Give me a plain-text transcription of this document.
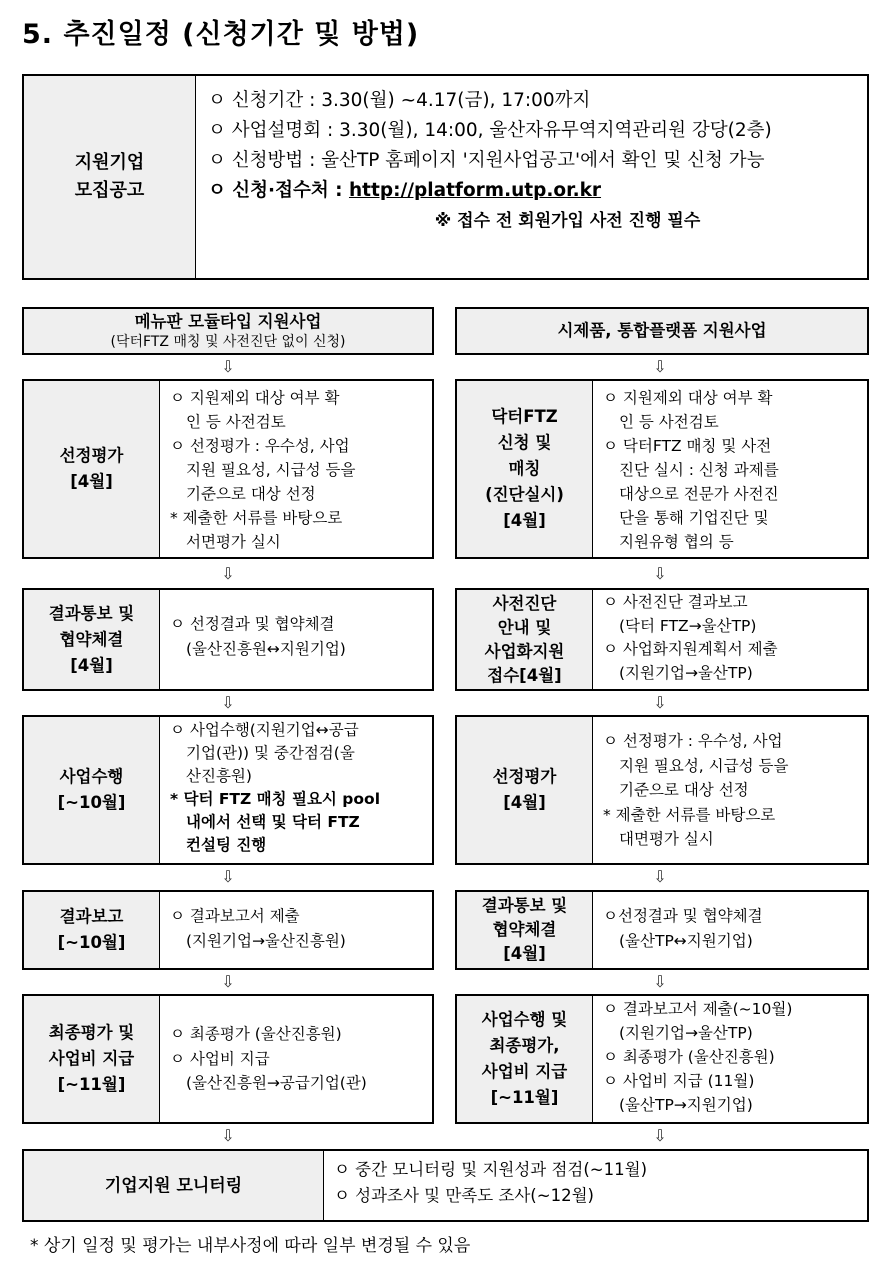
5. 추진일정 (신청기간 및 방법)
지원기업
모집공고
ㅇ 신청기간 : 3.30(월) ~4.17(금), 17:00까지
ㅇ 사업설명회 : 3.30(월), 14:00, 울산자유무역지역관리원 강당(2층)
ㅇ 신청방법 : 울산TP 홈페이지 '지원사업공고'에서 확인 및 신청 가능
ㅇ 신청·접수처 : http://platform.utp.or.kr
※ 접수 전 회원가입 사전 진행 필수
메뉴판 모듈타입 지원사업
(닥터FTZ 매칭 및 사전진단 없이 신청)
시제품, 통합플랫폼 지원사업
선정평가
[4월]
ㅇ 지원제외 대상 여부 확
인 등 사전검토
ㅇ 선정평가 : 우수성, 사업
지원 필요성, 시급성 등을
기준으로 대상 선정
* 제출한 서류를 바탕으로
서면평가 실시
결과통보 및
협약체결
[4월]
ㅇ 선정결과 및 협약체결
(울산진흥원↔지원기업)
사업수행
[~10월]
ㅇ 사업수행(지원기업↔공급
기업(관)) 및 중간점검(울
산진흥원)
* 닥터 FTZ 매칭 필요시 pool
내에서 선택 및 닥터 FTZ
컨설팅 진행
결과보고
[~10월]
ㅇ 결과보고서 제출
(지원기업→울산진흥원)
최종평가 및
사업비 지급
[~11월]
ㅇ 최종평가 (울산진흥원)
ㅇ 사업비 지급
(울산진흥원→공급기업(관)
닥터FTZ
신청 및
매칭
(진단실시)
[4월]
ㅇ 지원제외 대상 여부 확
인 등 사전검토
ㅇ 닥터FTZ 매칭 및 사전
진단 실시 : 신청 과제를
대상으로 전문가 사전진
단을 통해 기업진단 및
지원유형 협의 등
사전진단
안내 및
사업화지원
접수[4월]
ㅇ 사전진단 결과보고
(닥터 FTZ→울산TP)
ㅇ 사업화지원계획서 제출
(지원기업→울산TP)
선정평가
[4월]
ㅇ 선정평가 : 우수성, 사업
지원 필요성, 시급성 등을
기준으로 대상 선정
* 제출한 서류를 바탕으로
대면평가 실시
결과통보 및
협약체결
[4월]
ㅇ선정결과 및 협약체결
(울산TP↔지원기업)
사업수행 및
최종평가,
사업비 지급
[~11월]
ㅇ 결과보고서 제출(~10월)
(지원기업→울산TP)
ㅇ 최종평가 (울산진흥원)
ㅇ 사업비 지급 (11월)
(울산TP→지원기업)
⇩	⇩
⇩	⇩
⇩	⇩
⇩	⇩
⇩	⇩
⇩	⇩
기업지원 모니터링
ㅇ 중간 모니터링 및 지원성과 점검(~11월)
ㅇ 성과조사 및 만족도 조사(~12월)
* 상기 일정 및 평가는 내부사정에 따라 일부 변경될 수 있음
